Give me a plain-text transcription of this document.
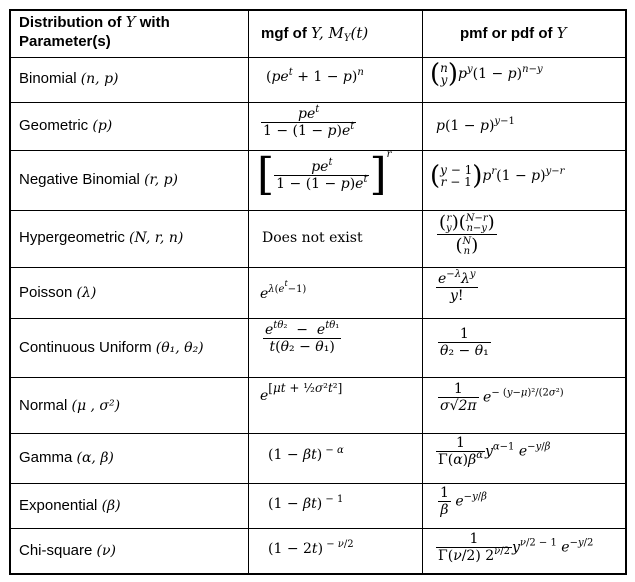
Distribution of Y with
Parameter(s)	mgf of Y, $M_Y(t)$	pmf or pdf of Y
Binomial (n, p)
Geometric (p)
Negative Binomial (r, p)
Hypergeometric (N, r, n)
Poisson (λ)
Continuous Uniform (θ₁, θ₂)
Normal (μ , σ²)
Gamma (α, β)
Exponential (β)
Chi-square (ν)
$(pe^t + 1 - p)^n$
$\frac{pe^t}{1 - (1 - p)e^t}$
[ $\frac{pe^t}{1 - (1 - p)e^t} ]^r$
Does not exist
$e^{\lambda(e^t-1)}$
$\frac{e^{t\theta_2} - e^{t\theta_1}}{\text{t(θ₂ − θ₁)}}$
e[μt + ½σ²t²]
(1 − βt) $^{- \alpha}$
(1 − βt) $^{- 1}$
(1 − 2t) $^{- \nu/2}$
(n
$y)p^y(1 - p)^{n-y}$
$p(1 - p)^{y-1}$
(y − 1
$r - 1)p^r(1 - p)^{y-r}$
(r
y)(N−r
n−y)
(N
n)
$\frac{e^{-\lambda}\lambda^y}{y!}$
$\frac{1}{\text{θ₂ − θ₁}}$
$\frac{1}{\sigma√2\pi} e^{- (y-\mu)^2/(2\sigma^2)}$
$\frac{1}{\Gamma(\alpha)\beta^\alpha} y^{\alpha-1}$ $e^{-y/\beta}$
$\frac{1}{\beta} e^{-y/\beta}$
$\frac{1}{\Gamma(\nu/2) 2^{\nu/2}} y^{\nu/2 - 1}$ $e^{-y/2}$
